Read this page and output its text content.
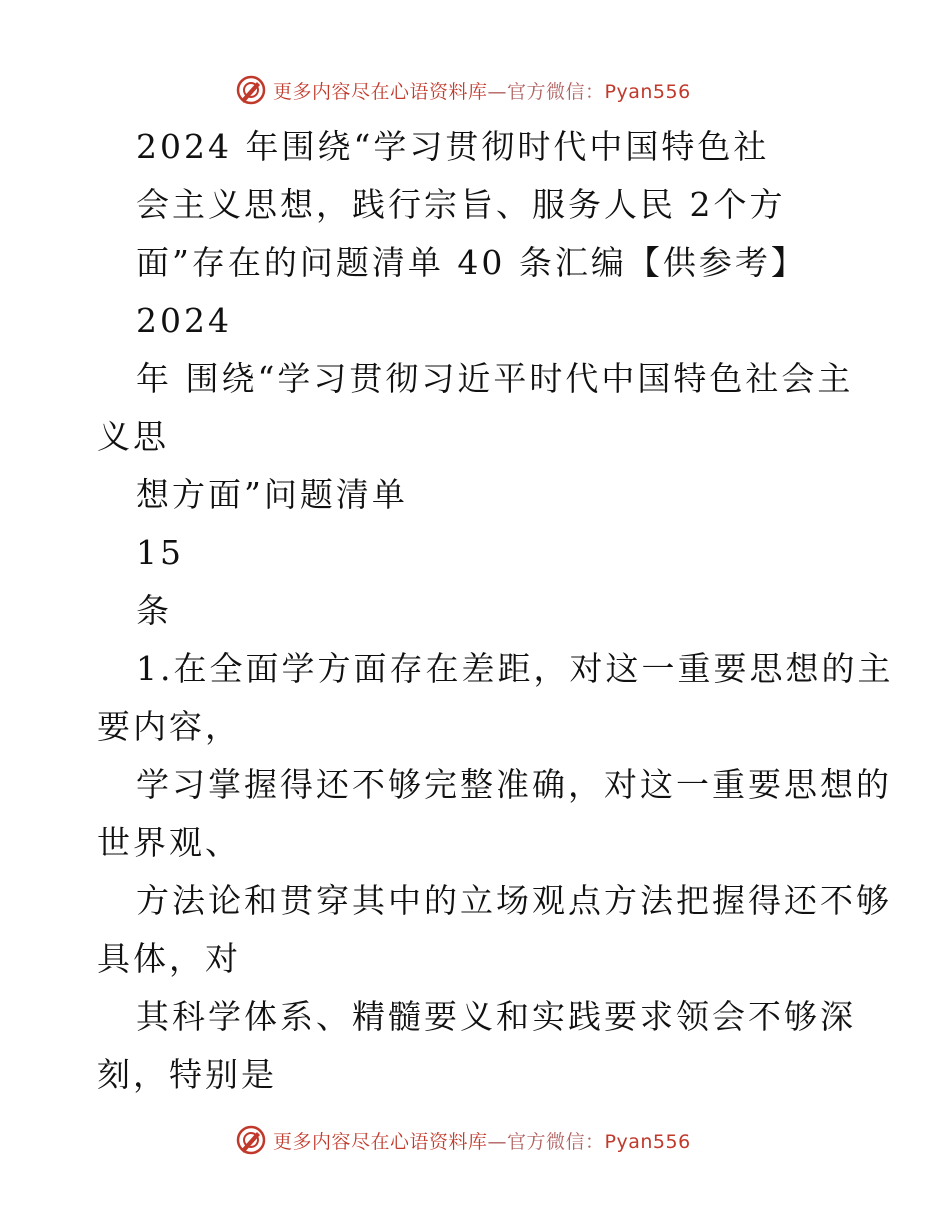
更多内容尽在心语资料库—官方微信：Pyan556
2024 年围绕“学习贯彻时代中国特色社
会主义思想，践行宗旨、服务人民 2个方
面”存在的问题清单 40 条汇编【供参考】
2024
年 围绕“学习贯彻习近平时代中国特色社会主
义思
想方面”问题清单
15
条
1.在全面学方面存在差距，对这一重要思想的主
要内容，
学习掌握得还不够完整准确，对这一重要思想的
世界观、
方法论和贯穿其中的立场观点方法把握得还不够
具体，对
其科学体系、精髓要义和实践要求领会不够深
刻，特别是
更多内容尽在心语资料库—官方微信：Pyan556
